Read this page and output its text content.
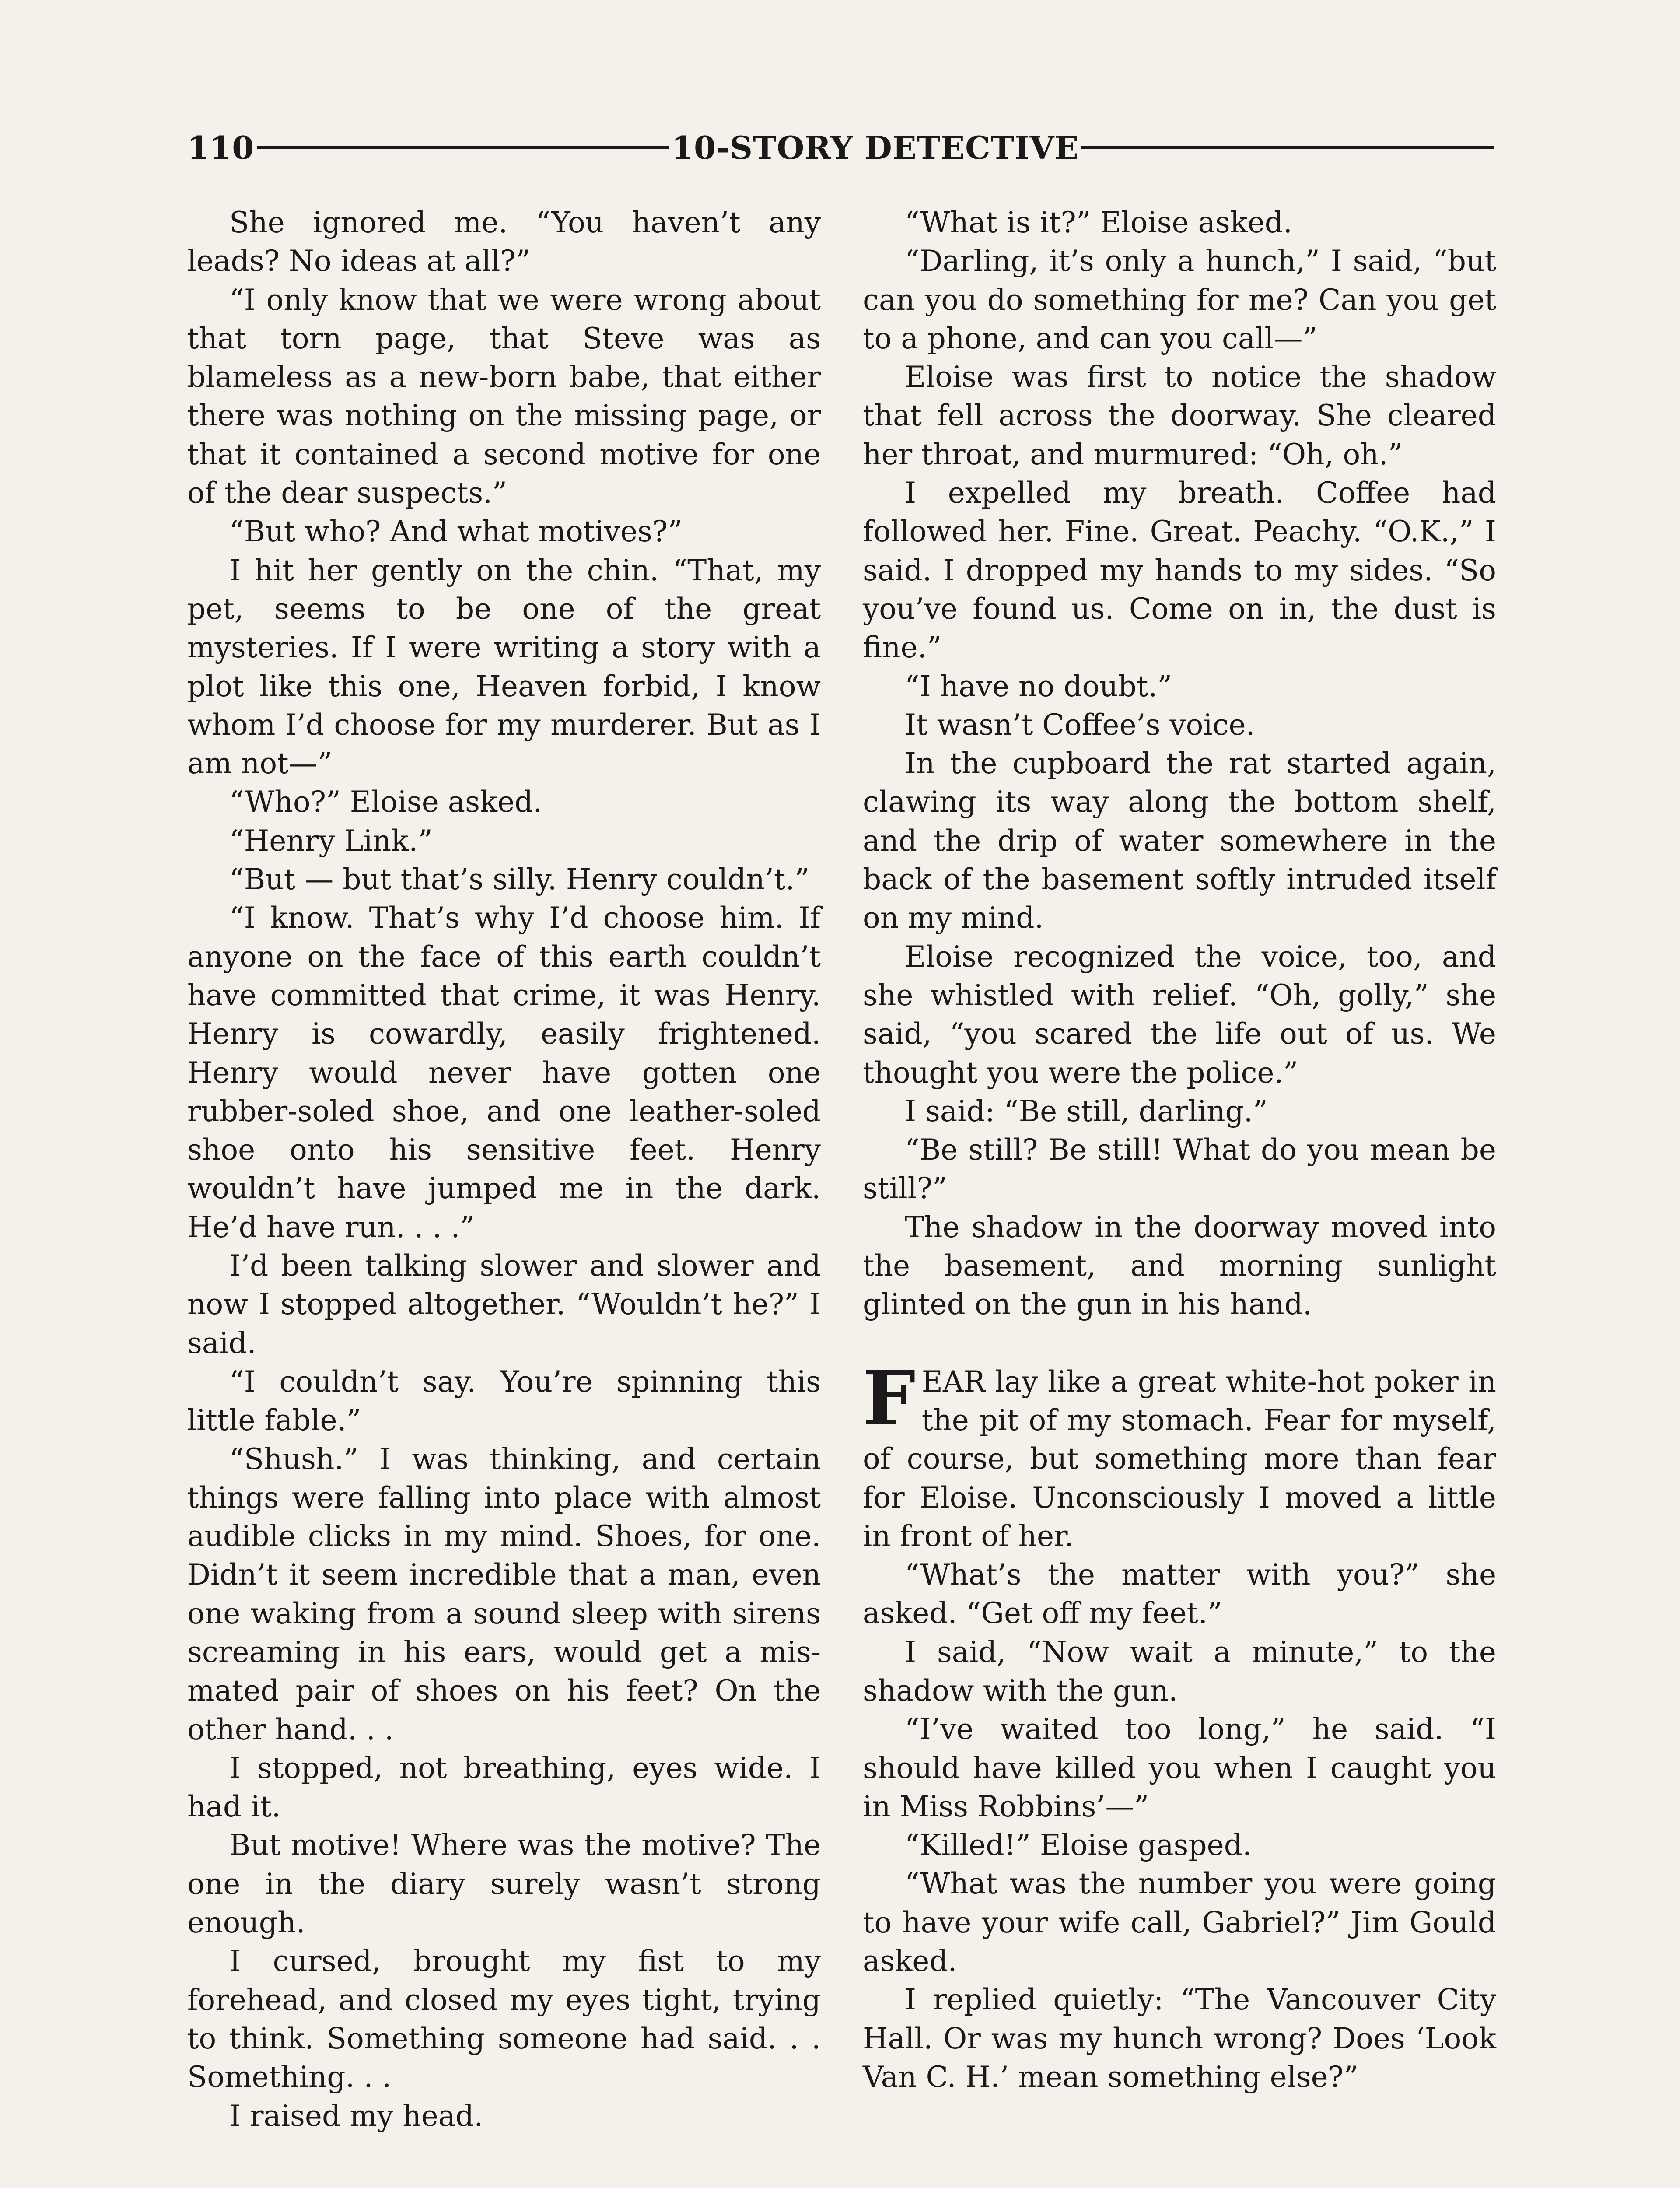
110	10-STORY DETECTIVE

She ignored me. “You haven’t any leads? No ideas at all?”

“I only know that we were wrong about that torn page, that Steve was as blameless as a new-born babe, that either there was nothing on the missing page, or that it contained a second motive for one of the dear suspects.”

“But who? And what motives?”

I hit her gently on the chin. “That, my pet, seems to be one of the great mysteries. If I were writing a story with a plot like this one, Heaven forbid, I know whom I’d choose for my murderer. But as I am not—”

“Who?” Eloise asked.

“Henry Link.”

“But — but that’s silly. Henry couldn’t.”

“I know. That’s why I’d choose him. If anyone on the face of this earth couldn’t have committed that crime, it was Henry. Henry is cowardly, easily frightened. Henry would never have gotten one rubber-soled shoe, and one leather-soled shoe onto his sensitive feet. Henry wouldn’t have jumped me in the dark. He’d have run. . . .”

I’d been talking slower and slower and now I stopped altogether. “Wouldn’t he?” I said.

“I couldn’t say. You’re spinning this little fable.”

“Shush.” I was thinking, and certain things were falling into place with almost audible clicks in my mind. Shoes, for one. Didn’t it seem incredible that a man, even one waking from a sound sleep with sirens screaming in his ears, would get a mis-mated pair of shoes on his feet? On the other hand. . .

I stopped, not breathing, eyes wide. I had it.

But motive! Where was the motive? The one in the diary surely wasn’t strong enough.

I cursed, brought my fist to my forehead, and closed my eyes tight, trying to think. Something someone had said. . . Something. . .

I raised my head.

“What is it?” Eloise asked.

“Darling, it’s only a hunch,” I said, “but can you do something for me? Can you get to a phone, and can you call—”

Eloise was first to notice the shadow that fell across the doorway. She cleared her throat, and murmured: “Oh, oh.”

I expelled my breath. Coffee had followed her. Fine. Great. Peachy. “O.K.,” I said. I dropped my hands to my sides. “So you’ve found us. Come on in, the dust is fine.”

“I have no doubt.”

It wasn’t Coffee’s voice.

In the cupboard the rat started again, clawing its way along the bottom shelf, and the drip of water somewhere in the back of the basement softly intruded itself on my mind.

Eloise recognized the voice, too, and she whistled with relief. “Oh, golly,” she said, “you scared the life out of us. We thought you were the police.”

I said: “Be still, darling.”

“Be still? Be still! What do you mean be still?”

The shadow in the doorway moved into the basement, and morning sunlight glinted on the gun in his hand.

FEAR lay like a great white-hot poker in the pit of my stomach. Fear for myself, of course, but something more than fear for Eloise. Unconsciously I moved a little in front of her.

“What’s the matter with you?” she asked. “Get off my feet.”

I said, “Now wait a minute,” to the shadow with the gun.

“I’ve waited too long,” he said. “I should have killed you when I caught you in Miss Robbins’—”

“Killed!” Eloise gasped.

“What was the number you were going to have your wife call, Gabriel?” Jim Gould asked.

I replied quietly: “The Vancouver City Hall. Or was my hunch wrong? Does ‘Look Van C. H.’ mean something else?”
